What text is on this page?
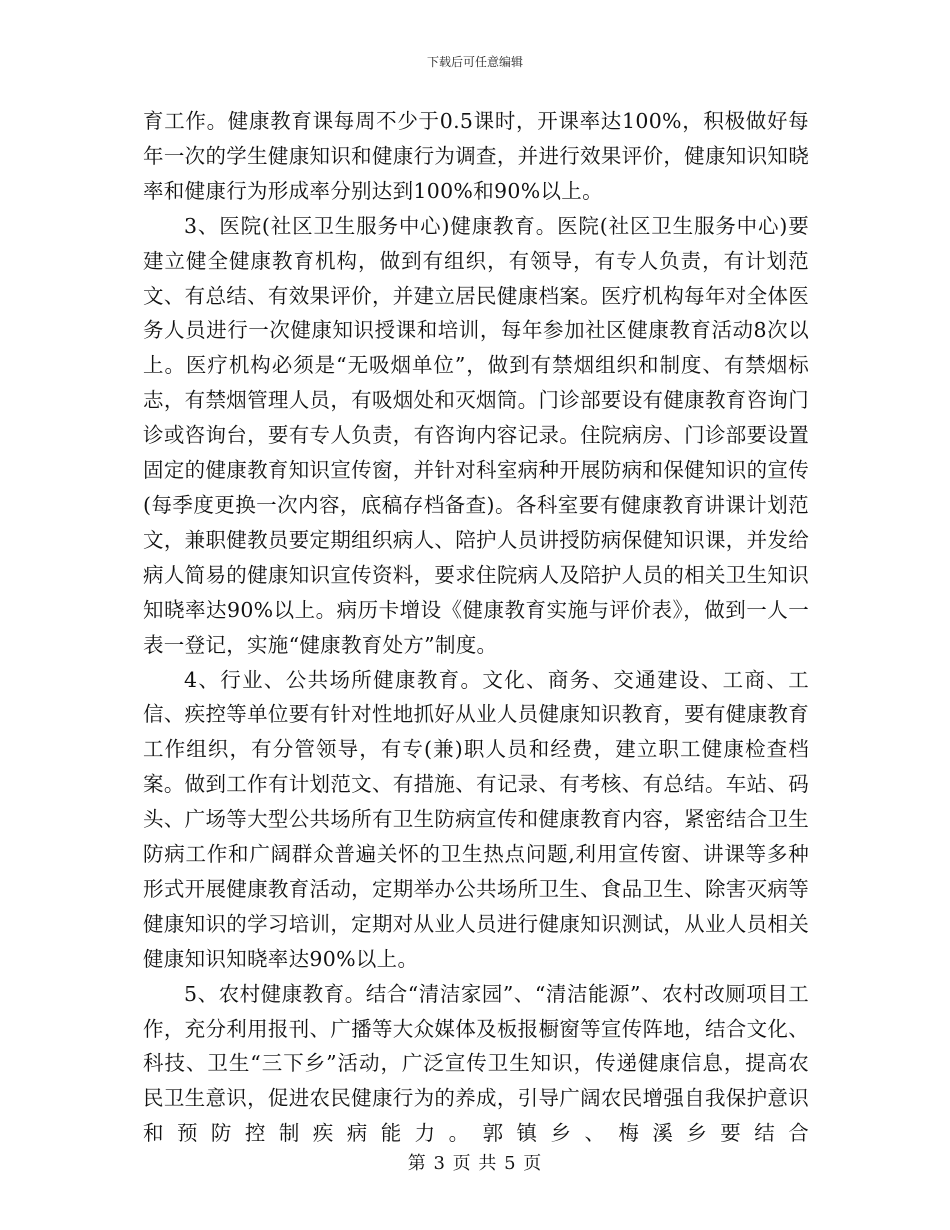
下载后可任意编辑

育工作。健康教育课每周不少于0.5课时，开课率达100%，积极做好每年一次的学生健康知识和健康行为调查，并进行效果评价，健康知识知晓率和健康行为形成率分别达到100%和90%以上。

3、医院(社区卫生服务中心)健康教育。医院(社区卫生服务中心)要建立健全健康教育机构，做到有组织，有领导，有专人负责，有计划范文、有总结、有效果评价，并建立居民健康档案。医疗机构每年对全体医务人员进行一次健康知识授课和培训，每年参加社区健康教育活动8次以上。医疗机构必须是“无吸烟单位”，做到有禁烟组织和制度、有禁烟标志，有禁烟管理人员，有吸烟处和灭烟筒。门诊部要设有健康教育咨询门诊或咨询台，要有专人负责，有咨询内容记录。住院病房、门诊部要设置固定的健康教育知识宣传窗，并针对科室病种开展防病和保健知识的宣传(每季度更换一次内容，底稿存档备查)。各科室要有健康教育讲课计划范文，兼职健教员要定期组织病人、陪护人员讲授防病保健知识课，并发给病人简易的健康知识宣传资料，要求住院病人及陪护人员的相关卫生知识知晓率达90%以上。病历卡增设《健康教育实施与评价表》，做到一人一表一登记，实施“健康教育处方”制度。

4、行业、公共场所健康教育。文化、商务、交通建设、工商、工信、疾控等单位要有针对性地抓好从业人员健康知识教育，要有健康教育工作组织，有分管领导，有专(兼)职人员和经费，建立职工健康检查档案。做到工作有计划范文、有措施、有记录、有考核、有总结。车站、码头、广场等大型公共场所有卫生防病宣传和健康教育内容，紧密结合卫生防病工作和广阔群众普遍关怀的卫生热点问题,利用宣传窗、讲课等多种形式开展健康教育活动，定期举办公共场所卫生、食品卫生、除害灭病等健康知识的学习培训，定期对从业人员进行健康知识测试，从业人员相关健康知识知晓率达90%以上。

5、农村健康教育。结合“清洁家园”、“清洁能源”、农村改厕项目工作，充分利用报刊、广播等大众媒体及板报橱窗等宣传阵地，结合文化、科技、卫生“三下乡”活动，广泛宣传卫生知识，传递健康信息，提高农民卫生意识，促进农民健康行为的养成，引导广阔农民增强自我保护意识和预防控制疾病能力。郭镇乡、梅溪乡要结合

第 3 页 共 5 页
